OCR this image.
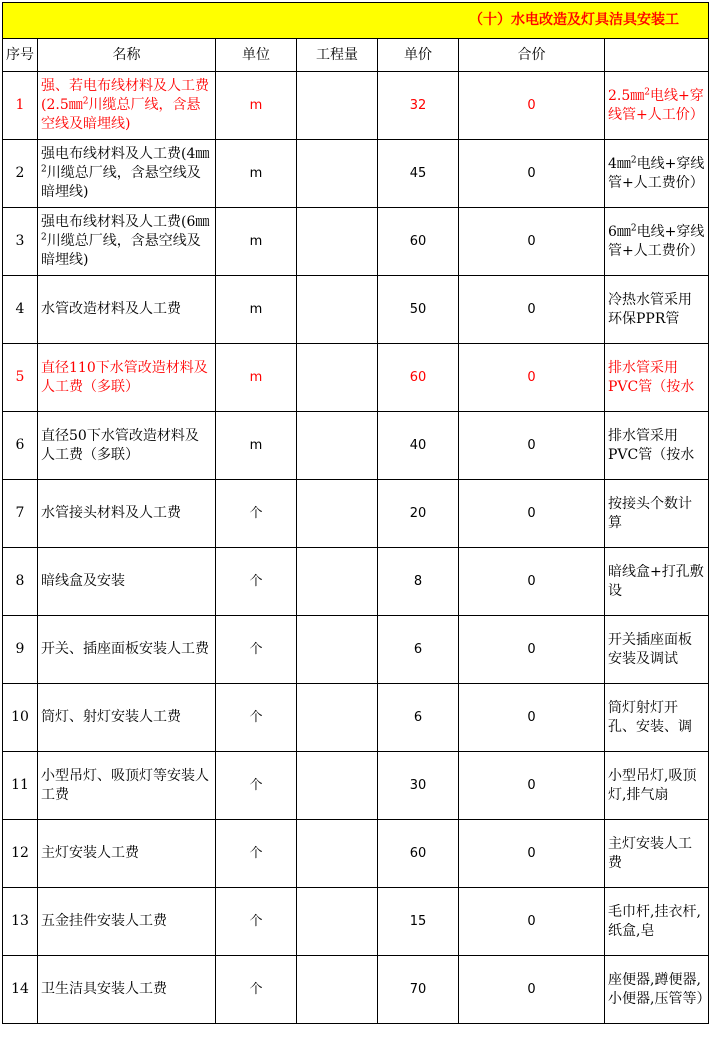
（十）水电改造及灯具洁具安装工						
序号	名称	单位	工程量	单价	合价	
1	强、若电布线材料及人工费(2.5㎜$^2$川缆总厂线，含悬空线及暗埋线)	m		32	0	2.5㎜$^2$电线+穿线管+人工价）
2	强电布线材料及人工费(4㎜$^2$川缆总厂线，含悬空线及暗埋线)	m		45	0	4㎜$^2$电线+穿线管+人工费价）
3	强电布线材料及人工费(6㎜$^2$川缆总厂线，含悬空线及暗埋线)	m		60	0	6㎜$^2$电线+穿线管+人工费价）
4	水管改造材料及人工费	m		50	0	冷热水管采用环保PPR管
5	直径110下水管改造材料及人工费（多联）	m		60	0	排水管采用PVC管（按水
6	直径50下水管改造材料及人工费（多联）	m		40	0	排水管采用PVC管（按水
7	水管接头材料及人工费	个		20	0	按接头个数计算
8	暗线盒及安装	个		8	0	暗线盒+打孔敷设
9	开关、插座面板安装人工费	个		6	0	开关插座面板安装及调试
10	筒灯、射灯安装人工费	个		6	0	筒灯射灯开孔、安装、调
11	小型吊灯、吸顶灯等安装人工费	个		30	0	小型吊灯,吸顶灯,排气扇
12	主灯安装人工费	个		60	0	主灯安装人工费
13	五金挂件安装人工费	个		15	0	毛巾杆,挂衣杆,纸盒,皂
14	卫生洁具安装人工费	个		70	0	座便器,蹲便器,小便器,压管等）
